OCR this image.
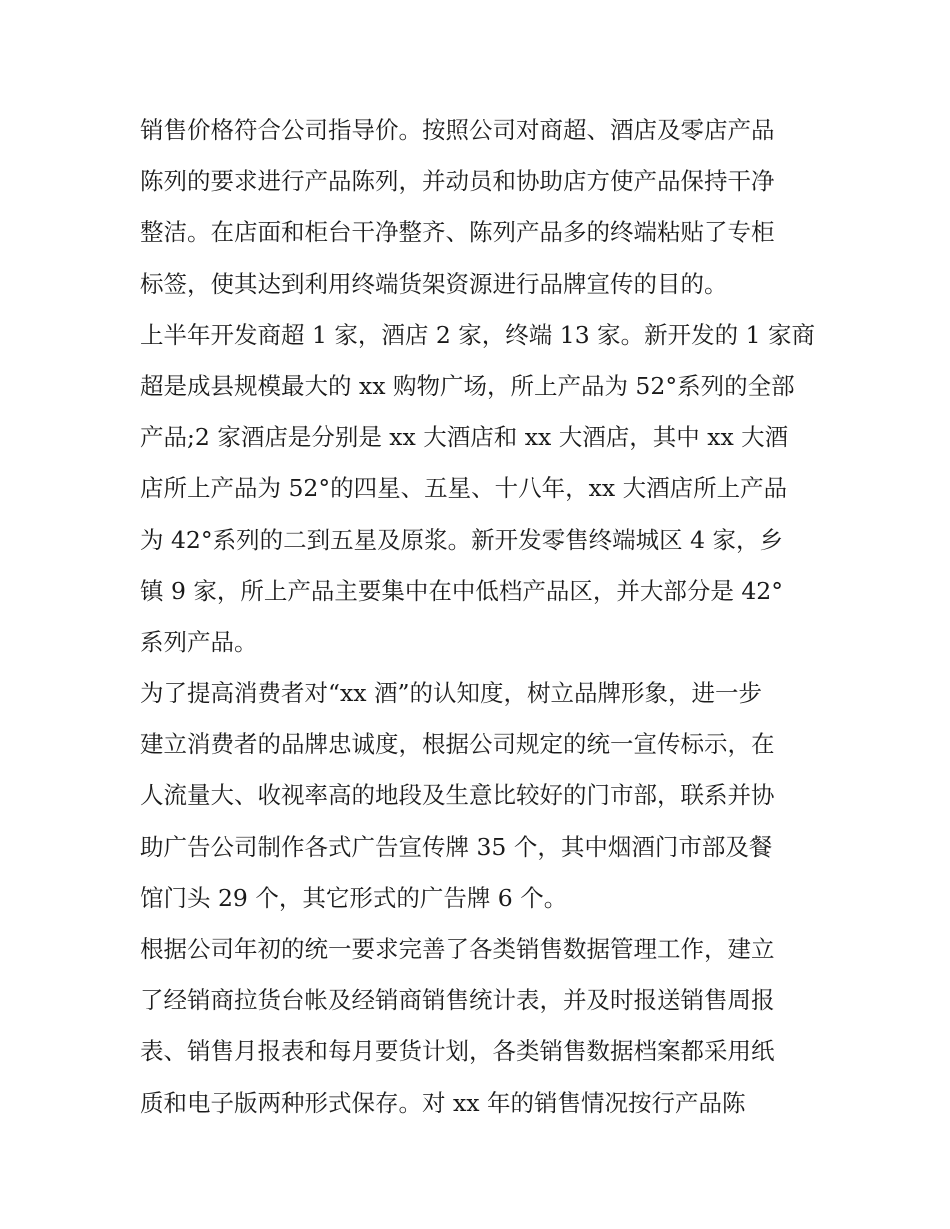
销售价格符合公司指导价。按照公司对商超、酒店及零店产品
陈列的要求进行产品陈列，并动员和协助店方使产品保持干净
整洁。在店面和柜台干净整齐、陈列产品多的终端粘贴了专柜
标签，使其达到利用终端货架资源进行品牌宣传的目的。
上半年开发商超 1 家，酒店 2 家，终端 13 家。新开发的 1 家商
超是成县规模最大的 xx 购物广场，所上产品为 52°系列的全部
产品;2 家酒店是分别是 xx 大酒店和 xx 大酒店，其中 xx 大酒
店所上产品为 52°的四星、五星、十八年，xx 大酒店所上产品
为 42°系列的二到五星及原浆。新开发零售终端城区 4 家，乡
镇 9 家，所上产品主要集中在中低档产品区，并大部分是 42°
系列产品。
为了提高消费者对“xx 酒”的认知度，树立品牌形象，进一步
建立消费者的品牌忠诚度，根据公司规定的统一宣传标示，在
人流量大、收视率高的地段及生意比较好的门市部，联系并协
助广告公司制作各式广告宣传牌 35 个，其中烟酒门市部及餐
馆门头 29 个，其它形式的广告牌 6 个。
根据公司年初的统一要求完善了各类销售数据管理工作，建立
了经销商拉货台帐及经销商销售统计表，并及时报送销售周报
表、销售月报表和每月要货计划，各类销售数据档案都采用纸
质和电子版两种形式保存。对 xx 年的销售情况按行产品陈
